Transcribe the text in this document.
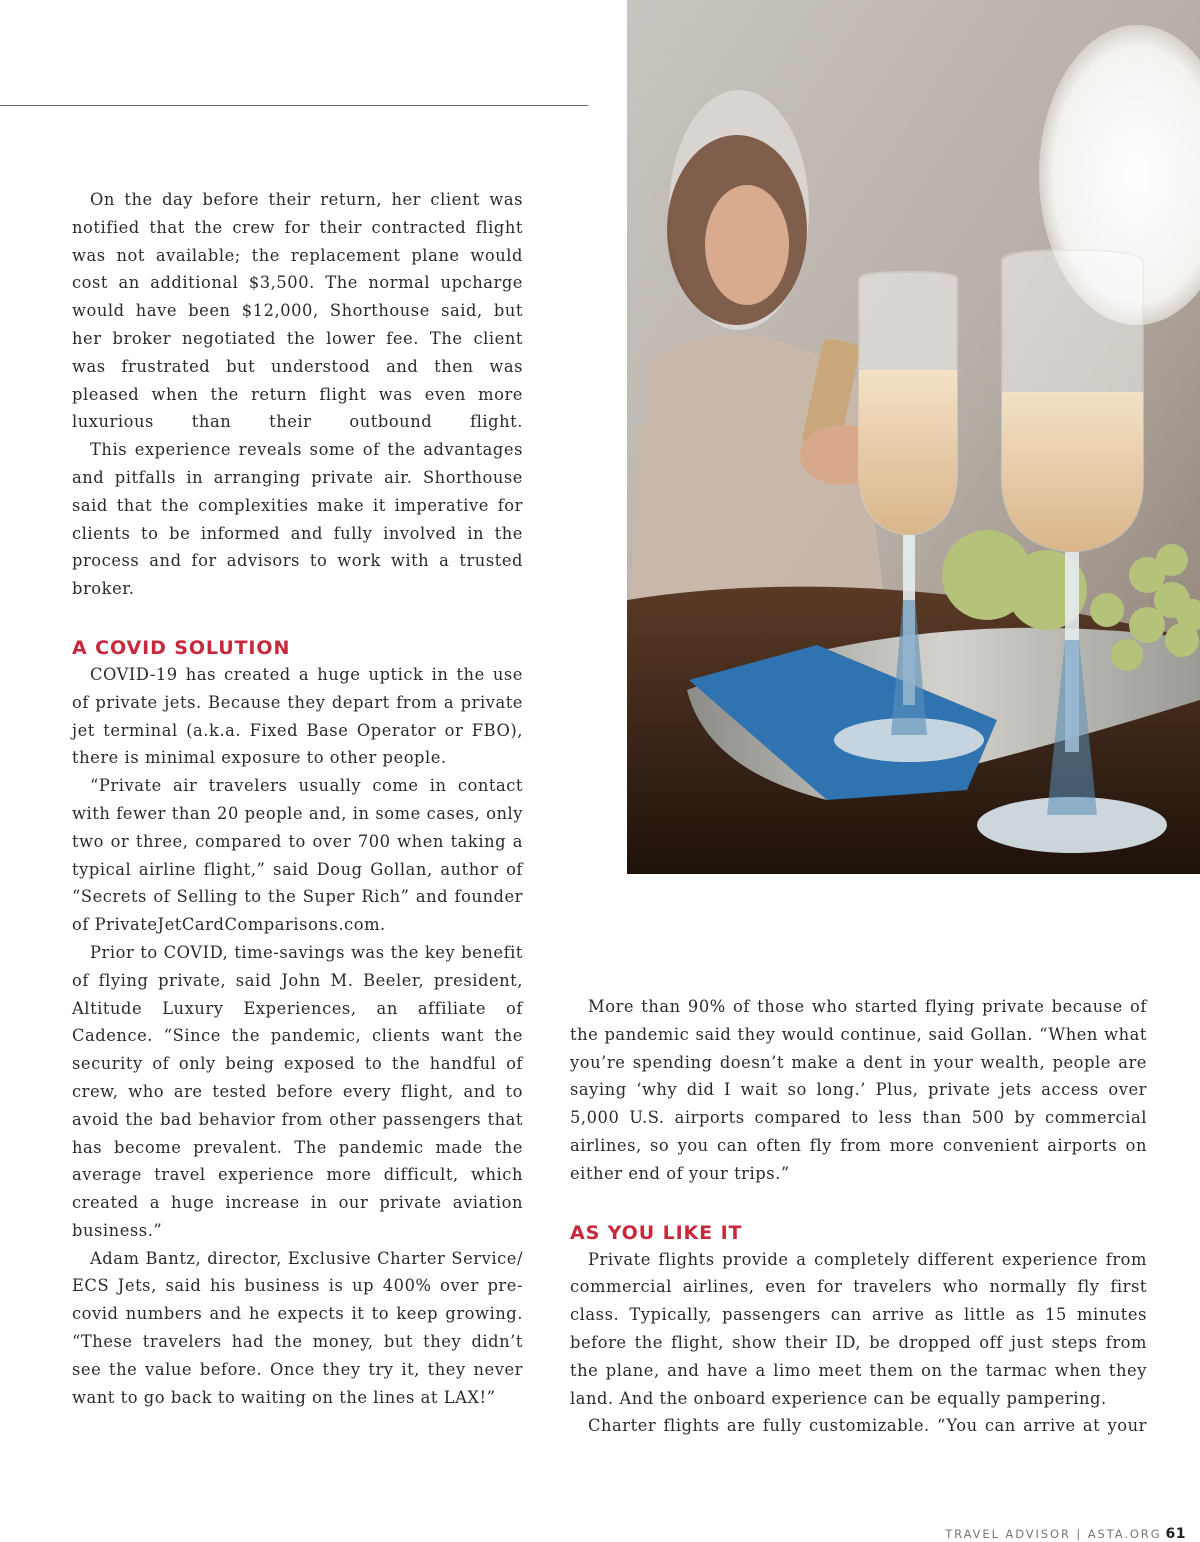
On the day before their return, her client was notified that the crew for their contracted flight was not available; the replacement plane would cost an additional $3,500. The normal upcharge would have been $12,000, Shorthouse said, but her broker negotiated the lower fee. The client was frustrated but understood and then was pleased when the return flight was even more luxurious than their outbound flight.

This experience reveals some of the advantages and pitfalls in arranging private air. Shorthouse said that the complexities make it imperative for clients to be informed and fully involved in the process and for advisors to work with a trusted broker.

A COVID SOLUTION

COVID-19 has created a huge uptick in the use of private jets. Because they depart from a private jet terminal (a.k.a. Fixed Base Operator or FBO), there is minimal exposure to other people.

“Private air travelers usually come in contact with fewer than 20 people and, in some cases, only two or three, compared to over 700 when taking a typical airline flight,” said Doug Gollan, author of “Secrets of Selling to the Super Rich” and founder of PrivateJetCardComparisons.com.

Prior to COVID, time-savings was the key benefit of flying private, said John M. Beeler, president, Altitude Luxury Experiences, an affiliate of Cadence. “Since the pandemic, clients want the security of only being exposed to the handful of crew, who are tested before every flight, and to avoid the bad behavior from other passengers that has become prevalent. The pandemic made the average travel experience more difficult, which created a huge increase in our private aviation business.”

Adam Bantz, director, Exclusive Charter Service/ ECS Jets, said his business is up 400% over pre-covid numbers and he expects it to keep growing. “These travelers had the money, but they didn’t see the value before. Once they try it, they never want to go back to waiting on the lines at LAX!”

More than 90% of those who started flying private because of the pandemic said they would continue, said Gollan. “When what you’re spending doesn’t make a dent in your wealth, people are saying ‘why did I wait so long.’ Plus, private jets access over 5,000 U.S. airports compared to less than 500 by commercial airlines, so you can often fly from more convenient airports on either end of your trips.”

AS YOU LIKE IT

Private flights provide a completely different experience from commercial airlines, even for travelers who normally fly first class. Typically, passengers can arrive as little as 15 minutes before the flight, show their ID, be dropped off just steps from the plane, and have a limo meet them on the tarmac when they land. And the onboard experience can be equally pampering.

Charter flights are fully customizable. “You can arrive at your

TRAVEL ADVISOR | ASTA.ORG 61
